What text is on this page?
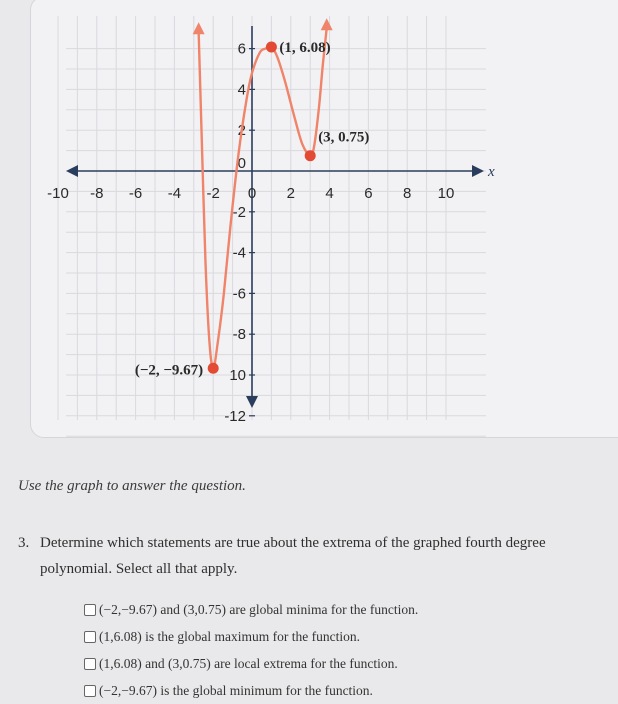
x
-10 -8 -6 -4 -2 0 2 4 6 8 10
6
4
2
-2
-4
-6
-8
10
-12
0
(−2, −9.67)
(1, 6.08)
(3, 0.75)

Use the graph to answer the question.

3. Determine which statements are true about the extrema of the graphed fourth degree
polynomial. Select all that apply.
(−2,−9.67) and (3,0.75) are global minima for the function.
(1,6.08) is the global maximum for the function.
(1,6.08) and (3,0.75) are local extrema for the function.
(−2,−9.67) is the global minimum for the function.
